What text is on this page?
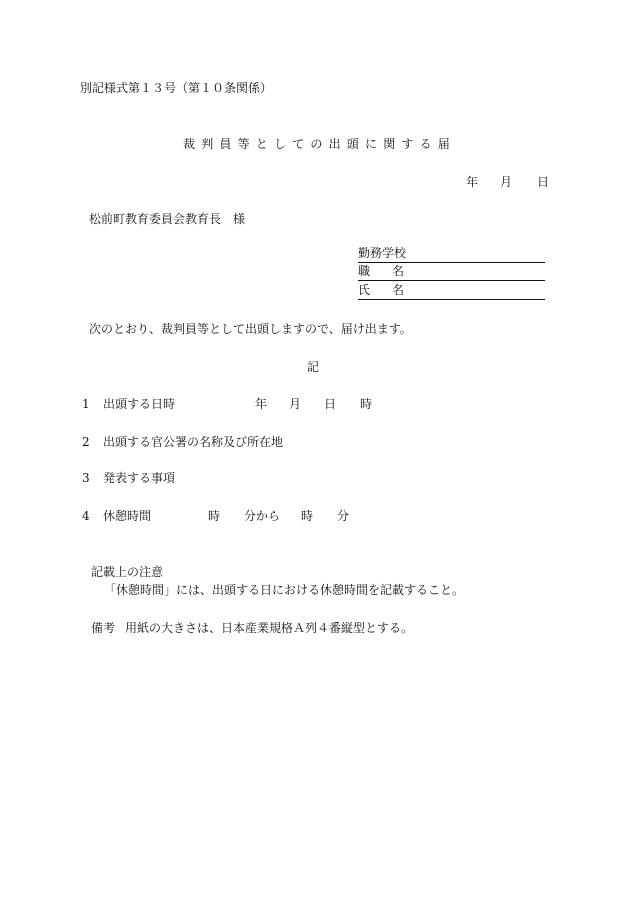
別記様式第１３号（第１０条関係）
裁判員等としての出頭に関する届
年 月 日
松前町教育委員会教育長　様
勤務学校
職名
氏名
次のとおり、裁判員等として出頭しますので、届け出ます。
記
1 出頭する日時	年 月 日 時
2 出頭する官公署の名称及び所在地
3 発表する事項
4 休憩時間	時 分から 時 分
記載上の注意
「休憩時間」には、出頭する日における休憩時間を記載すること。
備考 用紙の大きさは、日本産業規格Ａ列４番縦型とする。
